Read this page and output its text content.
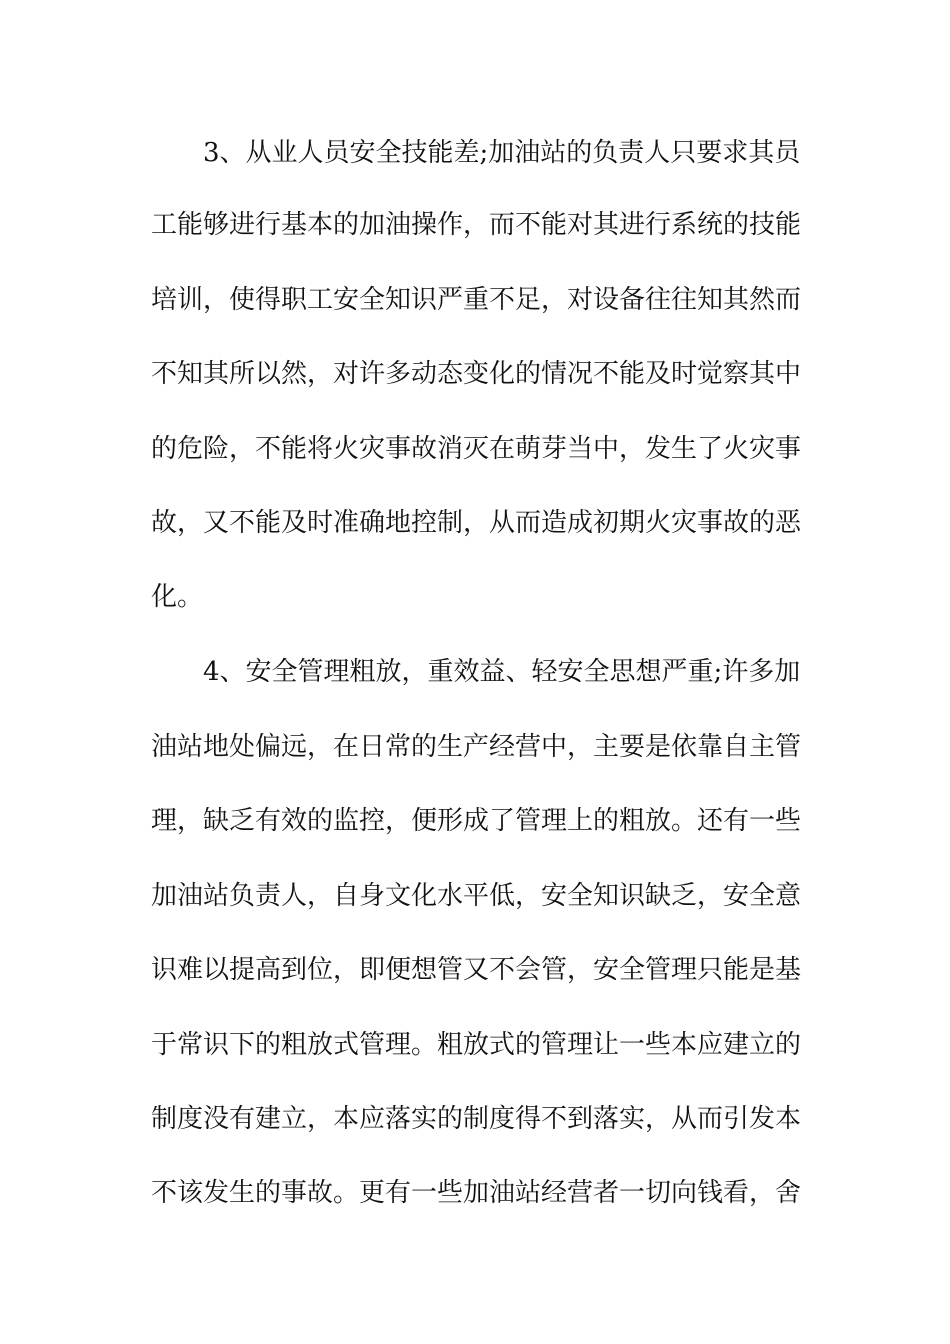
3、从业人员安全技能差;加油站的负责人只要求其员
工能够进行基本的加油操作，而不能对其进行系统的技能
培训，使得职工安全知识严重不足，对设备往往知其然而
不知其所以然，对许多动态变化的情况不能及时觉察其中
的危险，不能将火灾事故消灭在萌芽当中，发生了火灾事
故，又不能及时准确地控制，从而造成初期火灾事故的恶
化。
4、安全管理粗放，重效益、轻安全思想严重;许多加
油站地处偏远，在日常的生产经营中，主要是依靠自主管
理，缺乏有效的监控，便形成了管理上的粗放。还有一些
加油站负责人，自身文化水平低，安全知识缺乏，安全意
识难以提高到位，即便想管又不会管，安全管理只能是基
于常识下的粗放式管理。粗放式的管理让一些本应建立的
制度没有建立，本应落实的制度得不到落实，从而引发本
不该发生的事故。更有一些加油站经营者一切向钱看，舍
